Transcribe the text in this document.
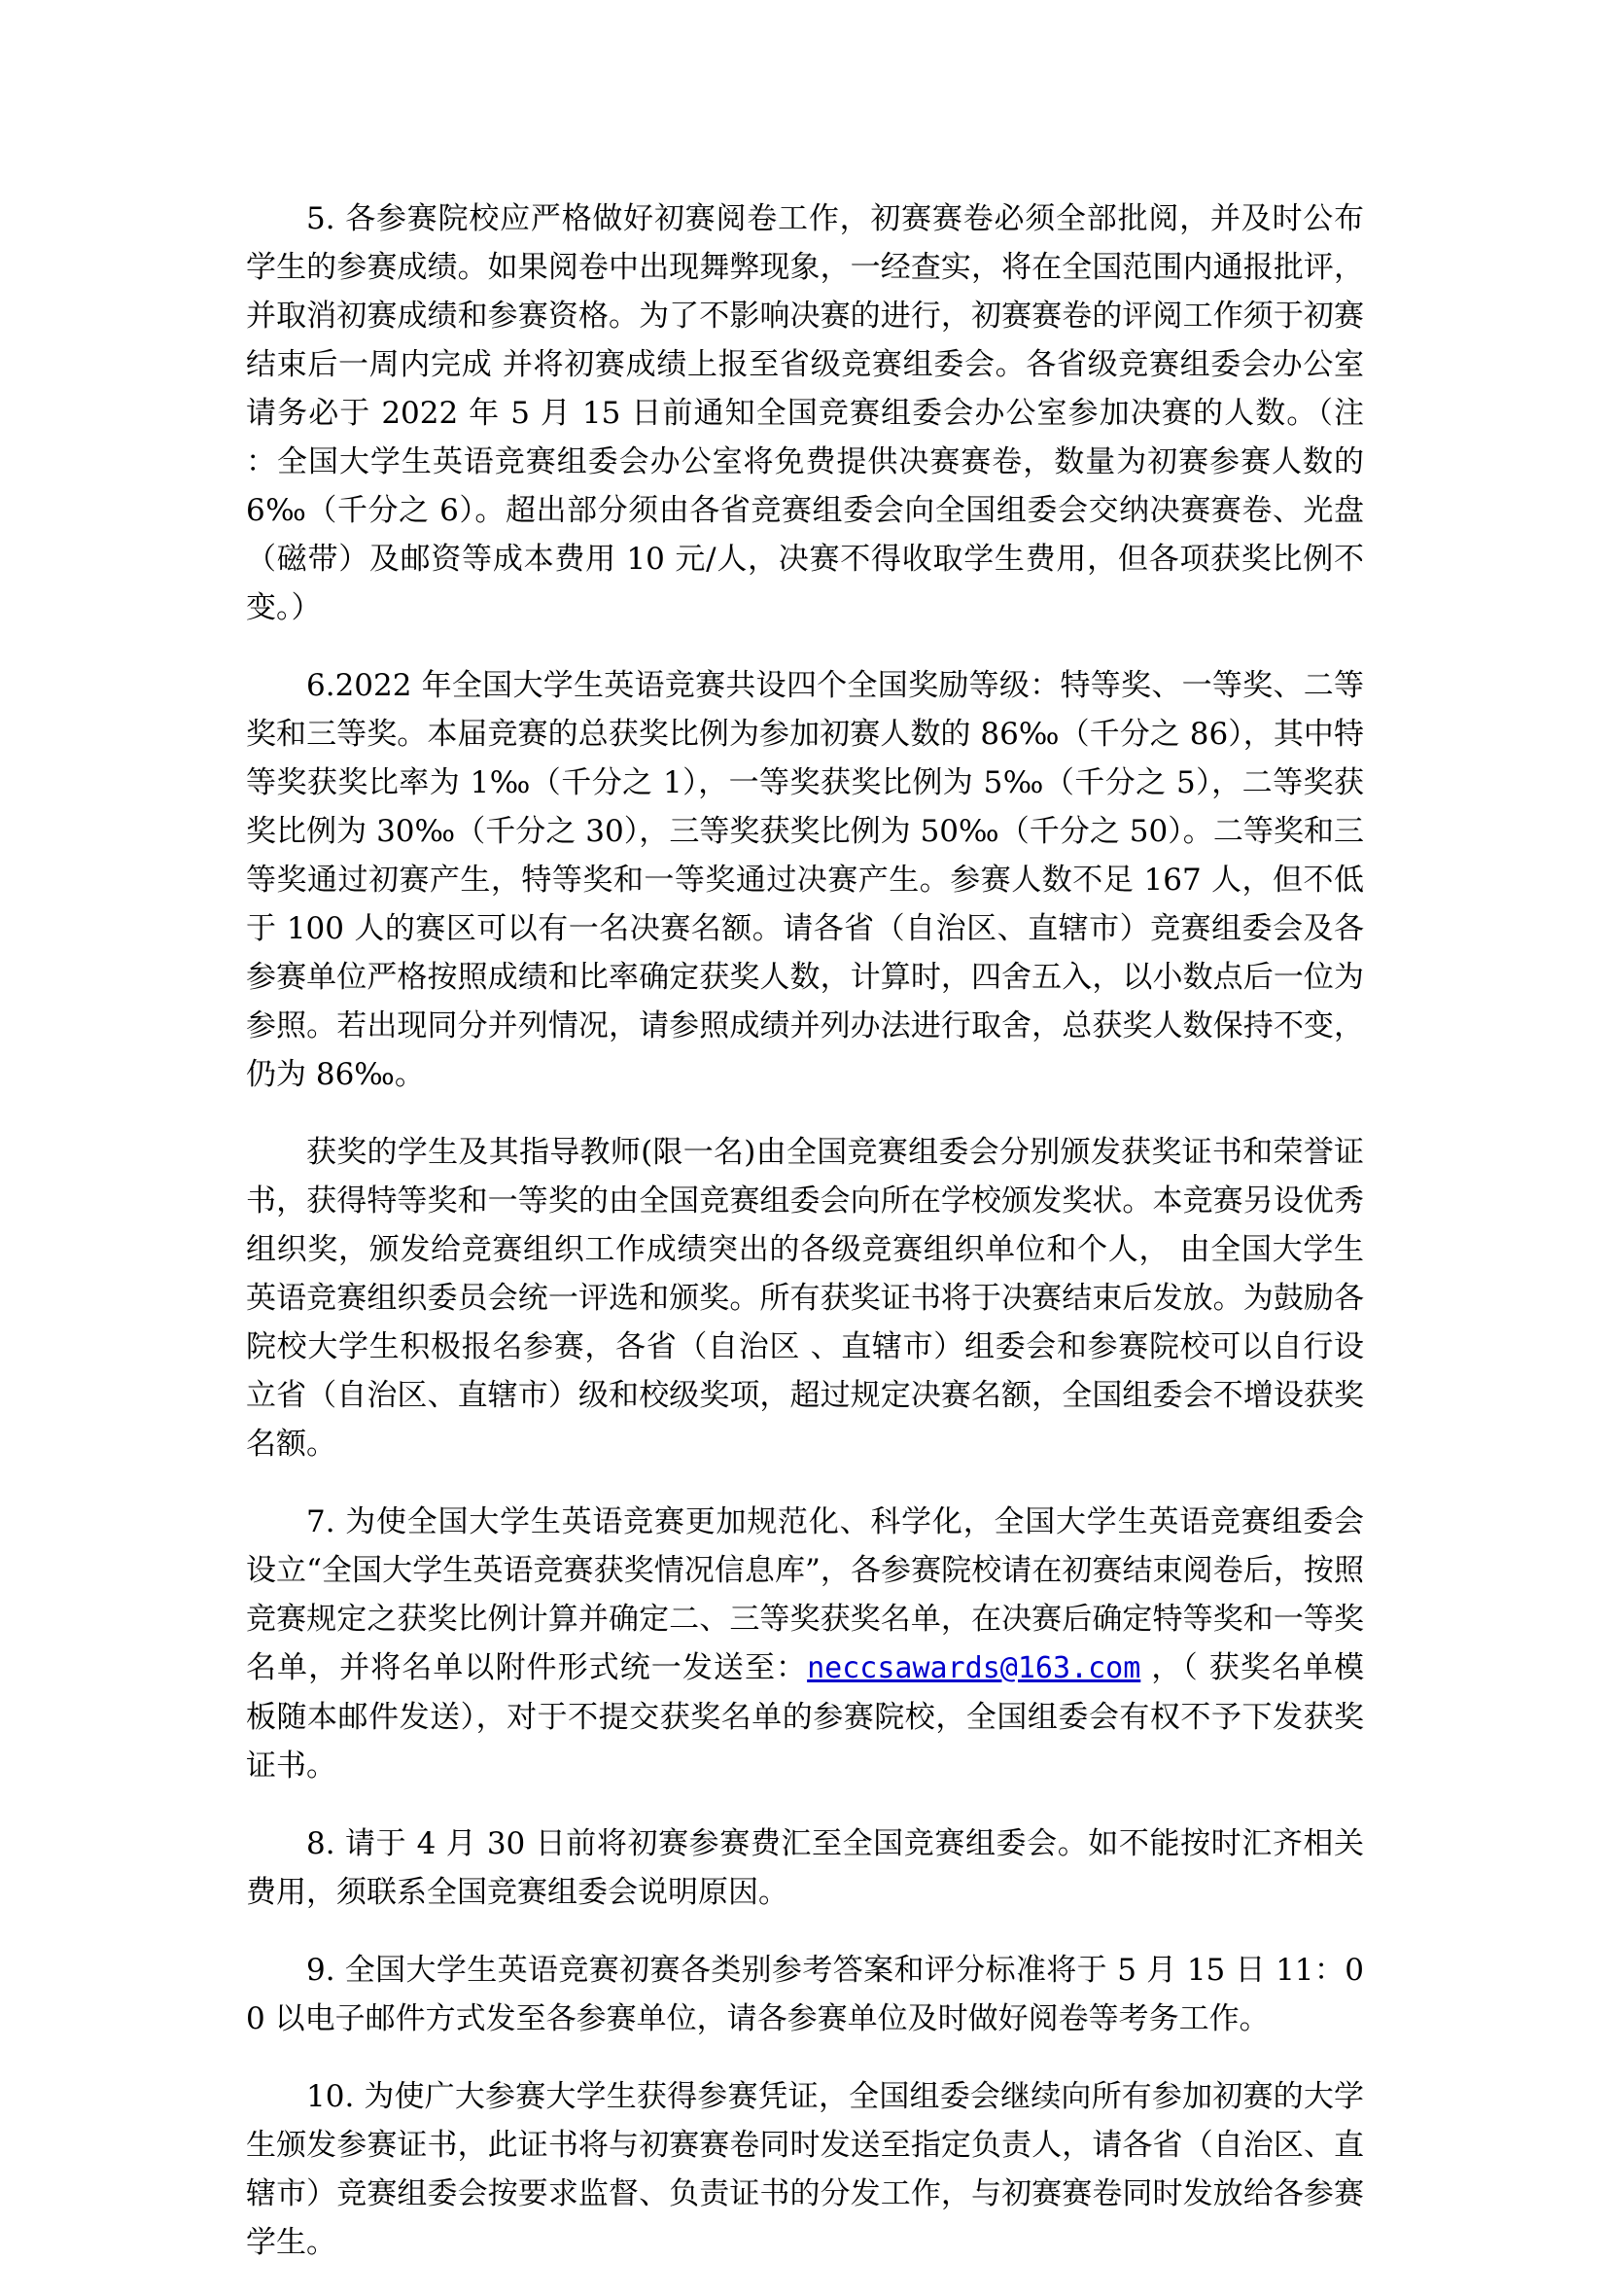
5. 各参赛院校应严格做好初赛阅卷工作，初赛赛卷必须全部批阅，并及时公布学生的参赛成绩。如果阅卷中出现舞弊现象，一经查实，将在全国范围内通报批评，并取消初赛成绩和参赛资格。为了不影响决赛的进行，初赛赛卷的评阅工作须于初赛结束后一周内完成 并将初赛成绩上报至省级竞赛组委会。各省级竞赛组委会办公室请务必于 2022 年 5 月 15 日前通知全国竞赛组委会办公室参加决赛的人数。（注 ：全国大学生英语竞赛组委会办公室将免费提供决赛赛卷，数量为初赛参赛人数的 6‰（千分之 6）。超出部分须由各省竞赛组委会向全国组委会交纳决赛赛卷、光盘（磁带）及邮资等成本费用 10 元/人，决赛不得收取学生费用，但各项获奖比例不变。）

6.2022 年全国大学生英语竞赛共设四个全国奖励等级：特等奖、一等奖、二等奖和三等奖。本届竞赛的总获奖比例为参加初赛人数的 86‰（千分之 86），其中特等奖获奖比率为 1‰（千分之 1），一等奖获奖比例为 5‰（千分之 5），二等奖获奖比例为 30‰（千分之 30），三等奖获奖比例为 50‰（千分之 50）。二等奖和三等奖通过初赛产生，特等奖和一等奖通过决赛产生。参赛人数不足 167 人，但不低于 100 人的赛区可以有一名决赛名额。请各省（自治区、直辖市）竞赛组委会及各参赛单位严格按照成绩和比率确定获奖人数，计算时，四舍五入，以小数点后一位为参照。若出现同分并列情况，请参照成绩并列办法进行取舍，总获奖人数保持不变，仍为 86‰。

获奖的学生及其指导教师(限一名)由全国竞赛组委会分别颁发获奖证书和荣誉证书，获得特等奖和一等奖的由全国竞赛组委会向所在学校颁发奖状。本竞赛另设优秀组织奖，颁发给竞赛组织工作成绩突出的各级竞赛组织单位和个人， 由全国大学生英语竞赛组织委员会统一评选和颁奖。所有获奖证书将于决赛结束后发放。为鼓励各院校大学生积极报名参赛，各省（自治区 、直辖市）组委会和参赛院校可以自行设立省（自治区、直辖市）级和校级奖项，超过规定决赛名额，全国组委会不增设获奖名额。

7. 为使全国大学生英语竞赛更加规范化、科学化，全国大学生英语竞赛组委会设立“全国大学生英语竞赛获奖情况信息库”，各参赛院校请在初赛结束阅卷后，按照竞赛规定之获奖比例计算并确定二、三等奖获奖名单，在决赛后确定特等奖和一等奖名单，并将名单以附件形式统一发送至：neccsawards@163.com ，（ 获奖名单模板随本邮件发送），对于不提交获奖名单的参赛院校，全国组委会有权不予下发获奖证书。

8. 请于 4 月 30 日前将初赛参赛费汇至全国竞赛组委会。如不能按时汇齐相关费用，须联系全国竞赛组委会说明原因。

9. 全国大学生英语竞赛初赛各类别参考答案和评分标准将于 5 月 15 日 11：00 以电子邮件方式发至各参赛单位，请各参赛单位及时做好阅卷等考务工作。

10. 为使广大参赛大学生获得参赛凭证，全国组委会继续向所有参加初赛的大学生颁发参赛证书，此证书将与初赛赛卷同时发送至指定负责人，请各省（自治区、直辖市）竞赛组委会按要求监督、负责证书的分发工作，与初赛赛卷同时发放给各参赛学生。
